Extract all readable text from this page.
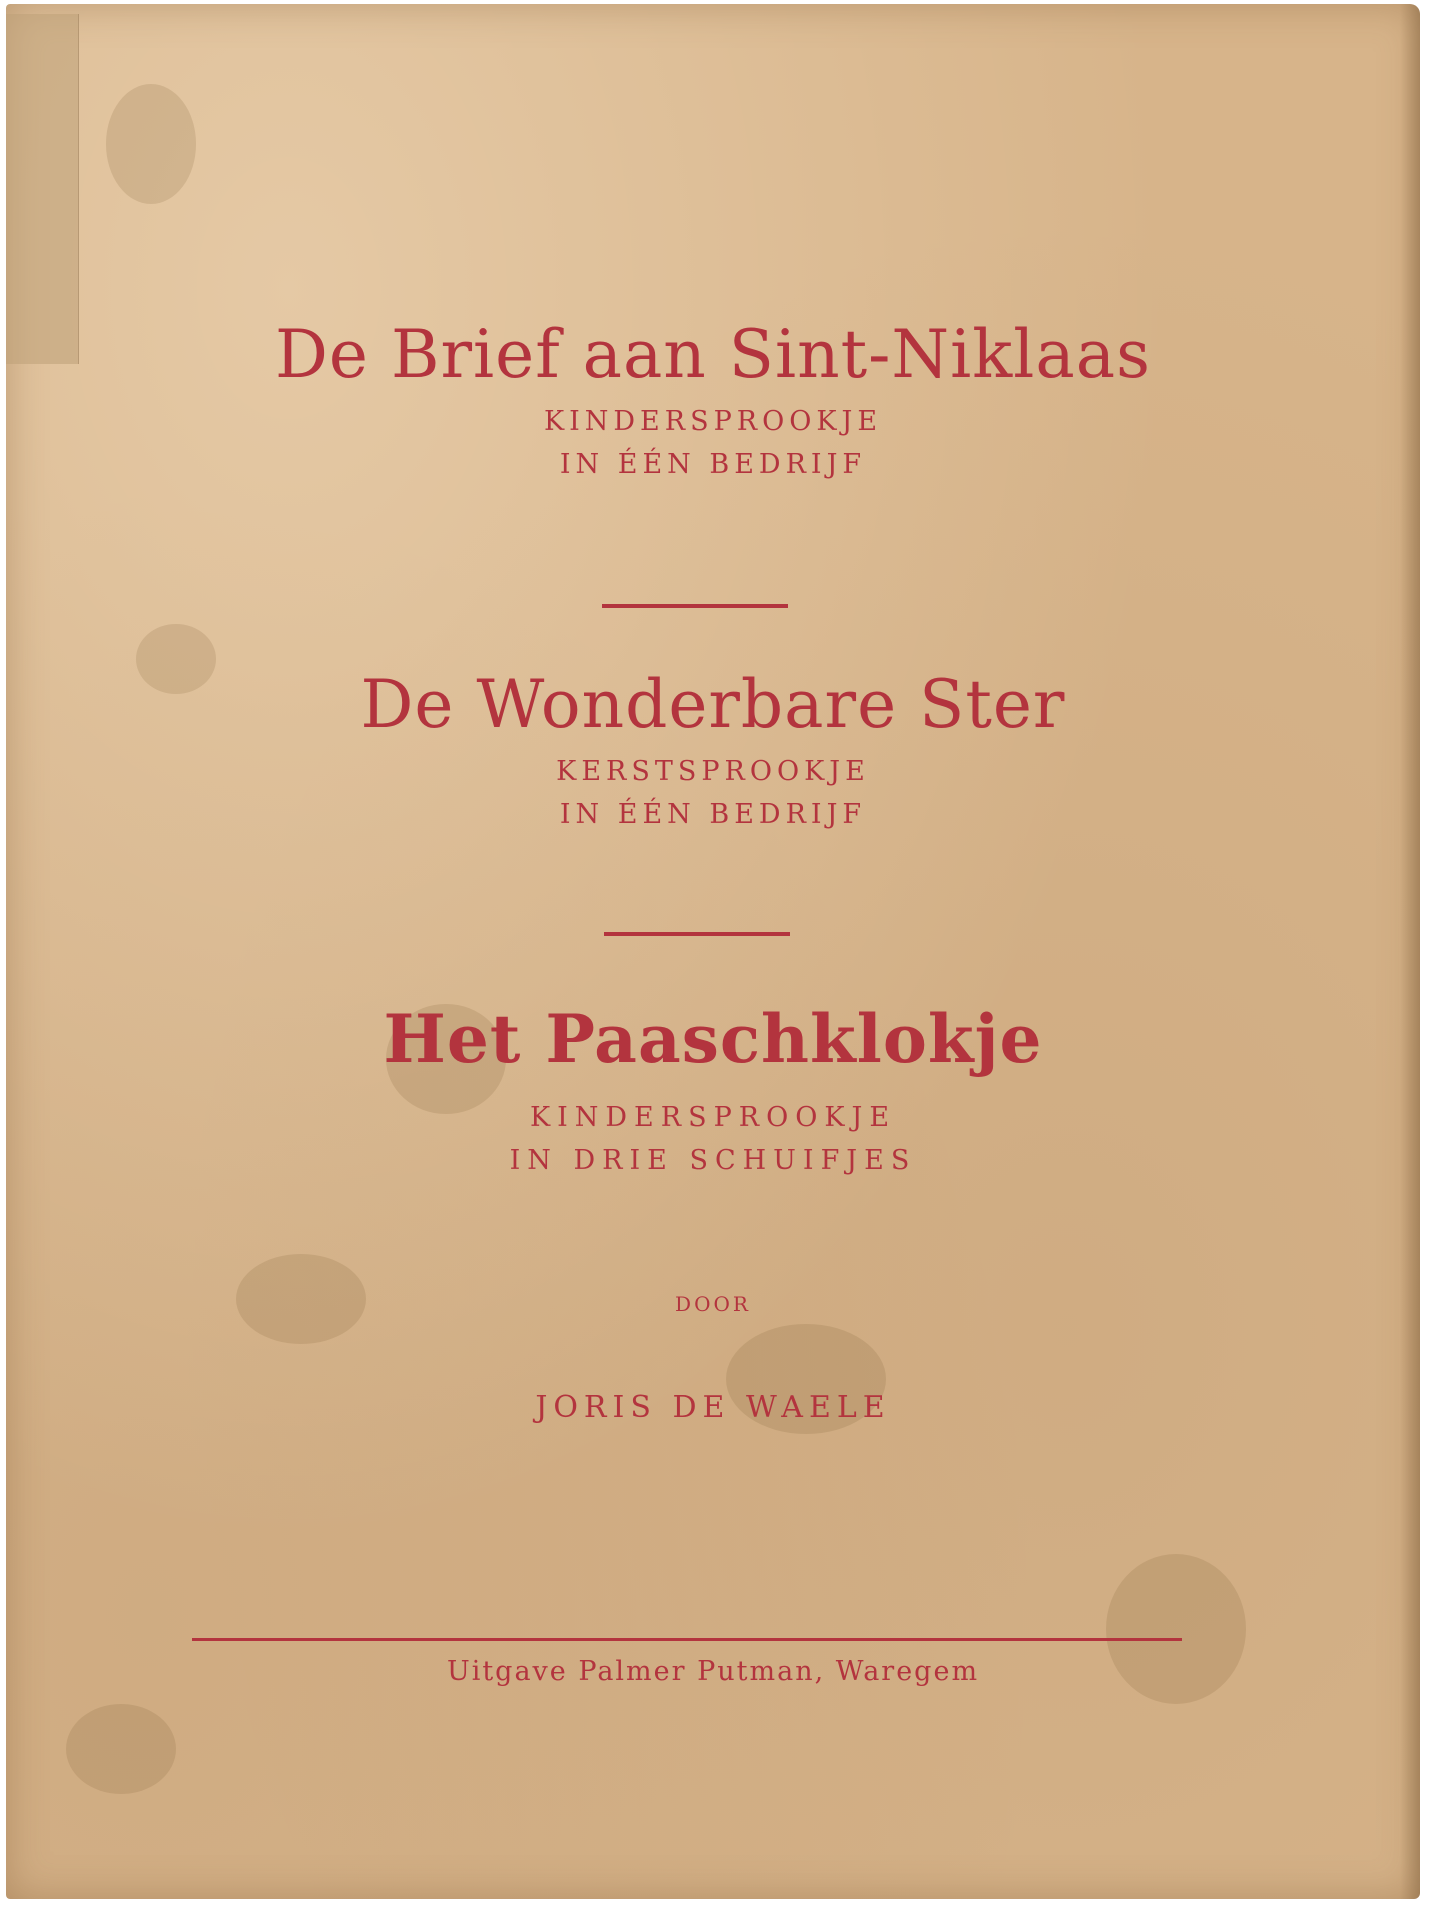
De Brief aan Sint-Niklaas

KINDERSPROOKJE

IN ÉÉN BEDRIJF

De Wonderbare Ster

KERSTSPROOKJE

IN ÉÉN BEDRIJF

Het Paaschklokje

KINDERSPROOKJE

IN DRIE SCHUIFJES

DOOR

JORIS DE WAELE

Uitgave Palmer Putman, Waregem
